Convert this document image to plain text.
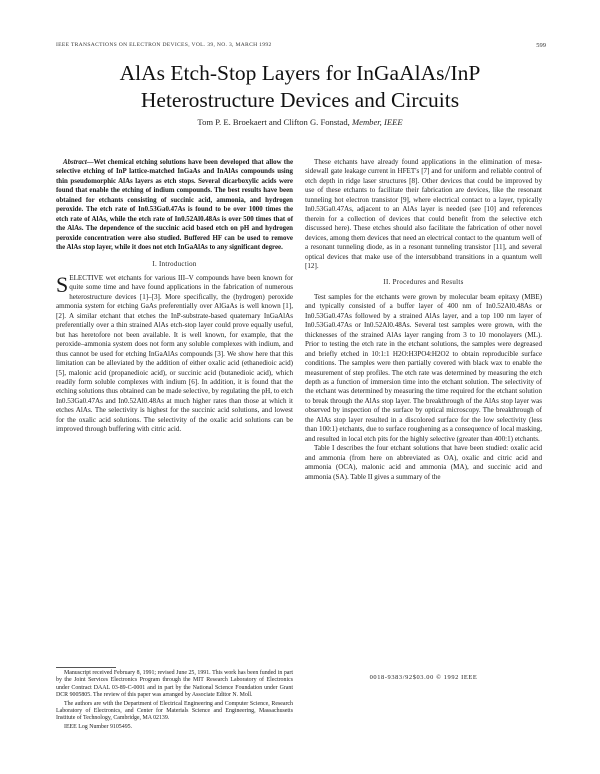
IEEE TRANSACTIONS ON ELECTRON DEVICES, VOL. 39, NO. 3, MARCH 1992	599
AlAs Etch-Stop Layers for InGaAlAs/InP
Heterostructure Devices and Circuits
Tom P. E. Broekaert and Clifton G. Fonstad, Member, IEEE

Abstract—Wet chemical etching solutions have been developed that allow the selective etching of InP lattice-matched InGaAs and InAlAs compounds using thin pseudomorphic AlAs layers as etch stops. Several dicarboxylic acids were found that enable the etching of indium compounds. The best results have been obtained for etchants consisting of succinic acid, ammonia, and hydrogen peroxide. The etch rate of In0.53Ga0.47As is found to be over 1000 times the etch rate of AlAs, while the etch rate of In0.52Al0.48As is over 500 times that of the AlAs. The dependence of the succinic acid based etch on pH and hydrogen peroxide concentration were also studied. Buffered HF can be used to remove the AlAs stop layer, while it does not etch InGaAlAs to any significant degree.

I. Introduction

SELECTIVE wet etchants for various III–V compounds have been known for quite some time and have found applications in the fabrication of numerous heterostructure devices [1]–[3]. More specifically, the (hydrogen) peroxide ammonia system for etching GaAs preferentially over AlGaAs is well known [1], [2]. A similar etchant that etches the InP-substrate-based quaternary InGaAlAs preferentially over a thin strained AlAs etch-stop layer could prove equally useful, but has heretofore not been available. It is well known, for example, that the peroxide–ammonia system does not form any soluble complexes with indium, and thus cannot be used for etching InGaAlAs compounds [3]. We show here that this limitation can be alleviated by the addition of either oxalic acid (ethanedioic acid) [5], malonic acid (propanedioic acid), or succinic acid (butanedioic acid), which readily form soluble complexes with indium [6]. In addition, it is found that the etching solutions thus obtained can be made selective, by regulating the pH, to etch In0.53Ga0.47As and In0.52Al0.48As at much higher rates than those at which it etches AlAs. The selectivity is highest for the succinic acid solutions, and lowest for the oxalic acid solutions. The selectivity of the oxalic acid solutions can be improved through buffering with citric acid.

Manuscript received February 8, 1991; revised June 25, 1991. This work has been funded in part by the Joint Services Electronics Program through the MIT Research Laboratory of Electronics under Contract DAAL 03-89-C-0001 and in part by the National Science Foundation under Grant DCR 9005805. The review of this paper was arranged by Associate Editor N. Moll.

The authors are with the Department of Electrical Engineering and Computer Science, Research Laboratory of Electronics, and Center for Materials Science and Engineering, Massachusetts Institute of Technology, Cambridge, MA 02139.

IEEE Log Number 9105495.

These etchants have already found applications in the elimination of mesa-sidewall gate leakage current in HFET's [7] and for uniform and reliable control of etch depth in ridge laser structures [8]. Other devices that could be improved by use of these etchants to facilitate their fabrication are devices, like the resonant tunneling hot electron transistor [9], where electrical contact to a layer, typically In0.53Ga0.47As, adjacent to an AlAs layer is needed (see [10] and references therein for a collection of devices that could benefit from the selective etch discussed here). These etches should also facilitate the fabrication of other novel devices, among them devices that need an electrical contact to the quantum well of a resonant tunneling diode, as in a resonant tunneling transistor [11], and several optical devices that make use of the intersubband transitions in a quantum well [12].

II. Procedures and Results

Test samples for the etchants were grown by molecular beam epitaxy (MBE) and typically consisted of a buffer layer of 400 nm of In0.52Al0.48As or In0.53Ga0.47As followed by a strained AlAs layer, and a top 100 nm layer of In0.53Ga0.47As or In0.52Al0.48As. Several test samples were grown, with the thicknesses of the strained AlAs layer ranging from 3 to 10 monolayers (ML). Prior to testing the etch rate in the etchant solutions, the samples were degreased and briefly etched in 10:1:1 H2O:H3PO4:H2O2 to obtain reproducible surface conditions. The samples were then partially covered with black wax to enable the measurement of step profiles. The etch rate was determined by measuring the etch depth as a function of immersion time into the etchant solution. The selectivity of the etchant was determined by measuring the time required for the etchant solution to break through the AlAs stop layer. The breakthrough of the AlAs stop layer was observed by inspection of the surface by optical microscopy. The breakthrough of the AlAs stop layer resulted in a discolored surface for the low selectivity (less than 100:1) etchants, due to surface roughening as a consequence of local masking, and resulted in local etch pits for the highly selective (greater than 400:1) etchants.

Table I describes the four etchant solutions that have been studied: oxalic acid and ammonia (from here on abbreviated as OA), oxalic and citric acid and ammonia (OCA), malonic acid and ammonia (MA), and succinic acid and ammonia (SA). Table II gives a summary of the

0018-9383/92$03.00 © 1992 IEEE
